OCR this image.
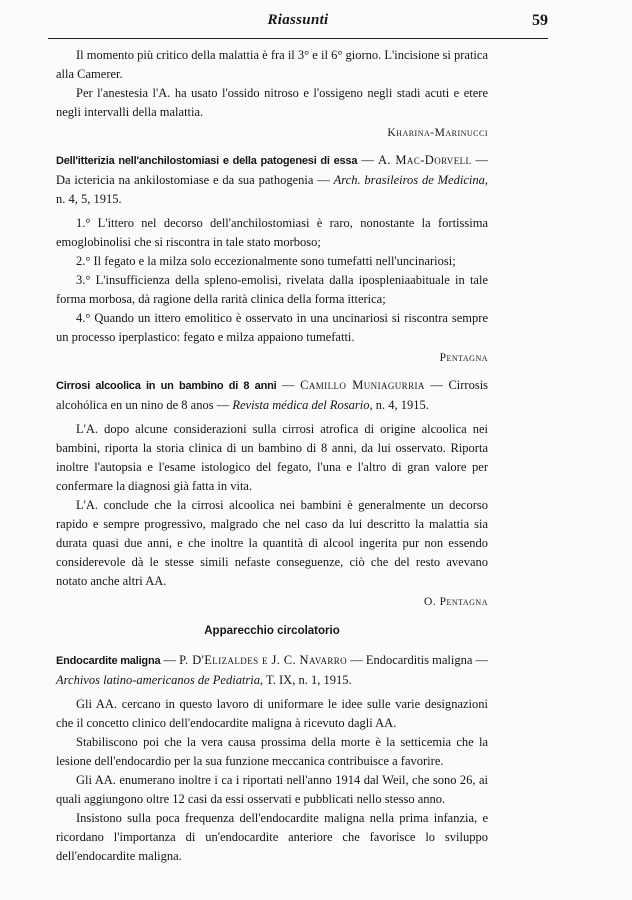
Riassunti	59

Il momento più critico della malattia è fra il 3° e il 6° giorno. L'incisione si pratica alla Camerer.

Per l'anestesia l'A. ha usato l'ossido nitroso e l'ossigeno negli stadi acuti e etere negli intervalli della malattia.

Kharina-Marinucci

Dell'itterizia nell'anchilostomiasi e della patogenesi di essa — A. Mac-Dorvell — Da ictericia na ankilostomiase e da sua pathogenia — Arch. brasileiros de Medicina, n. 4, 5, 1915.

1.° L'ittero nel decorso dell'anchilostomiasi è raro, nonostante la fortissima emoglobinolisi che si riscontra in tale stato morboso;

2.° Il fegato e la milza solo eccezionalmente sono tumefatti nell'uncinariosi;

3.° L'insufficienza della spleno-emolisi, rivelata dalla ipospleniaabituale in tale forma morbosa, dà ragione della rarità clinica della forma itterica;

4.° Quando un ittero emolitico è osservato in una uncinariosi si riscontra sempre un processo iperplastico: fegato e milza appaiono tumefatti.

Pentagna

Cirrosi alcoolica in un bambino di 8 anni — Camillo Muniagurria — Cirrosis alcohólica en un nino de 8 anos — Revista médica del Rosario, n. 4, 1915.

L'A. dopo alcune considerazioni sulla cirrosi atrofica di origine alcoolica nei bambini, riporta la storia clinica di un bambino di 8 anni, da lui osservato. Riporta inoltre l'autopsia e l'esame istologico del fegato, l'una e l'altro di gran valore per confermare la diagnosi già fatta in vita.

L'A. conclude che la cirrosi alcoolica nei bambini è generalmente un decorso rapido e sempre progressivo, malgrado che nel caso da lui descritto la malattia sia durata quasi due anni, e che inoltre la quantità di alcool ingerita pur non essendo considerevole dà le stesse simili nefaste conseguenze, ciò che del resto avevano notato anche altri AA.

O. Pentagna
Apparecchio circolatorio

Endocardite maligna — P. D'Elizaldes e J. C. Navarro — Endocarditis maligna — Archivos latino-americanos de Pediatria, T. IX, n. 1, 1915.

Gli AA. cercano in questo lavoro di uniformare le idee sulle varie designazioni che il concetto clinico dell'endocardite maligna à ricevuto dagli AA.

Stabiliscono poi che la vera causa prossima della morte è la setticemia che la lesione dell'endocardio per la sua funzione meccanica contribuisce a favorire.

Gli AA. enumerano inoltre i ca i riportati nell'anno 1914 dal Weil, che sono 26, ai quali aggiungono oltre 12 casi da essi osservati e pubblicati nello stesso anno.

Insistono sulla poca frequenza dell'endocardite maligna nella prima infanzia, e ricordano l'importanza di un'endocardite anteriore che favorisce lo sviluppo dell'endocardite maligna.
